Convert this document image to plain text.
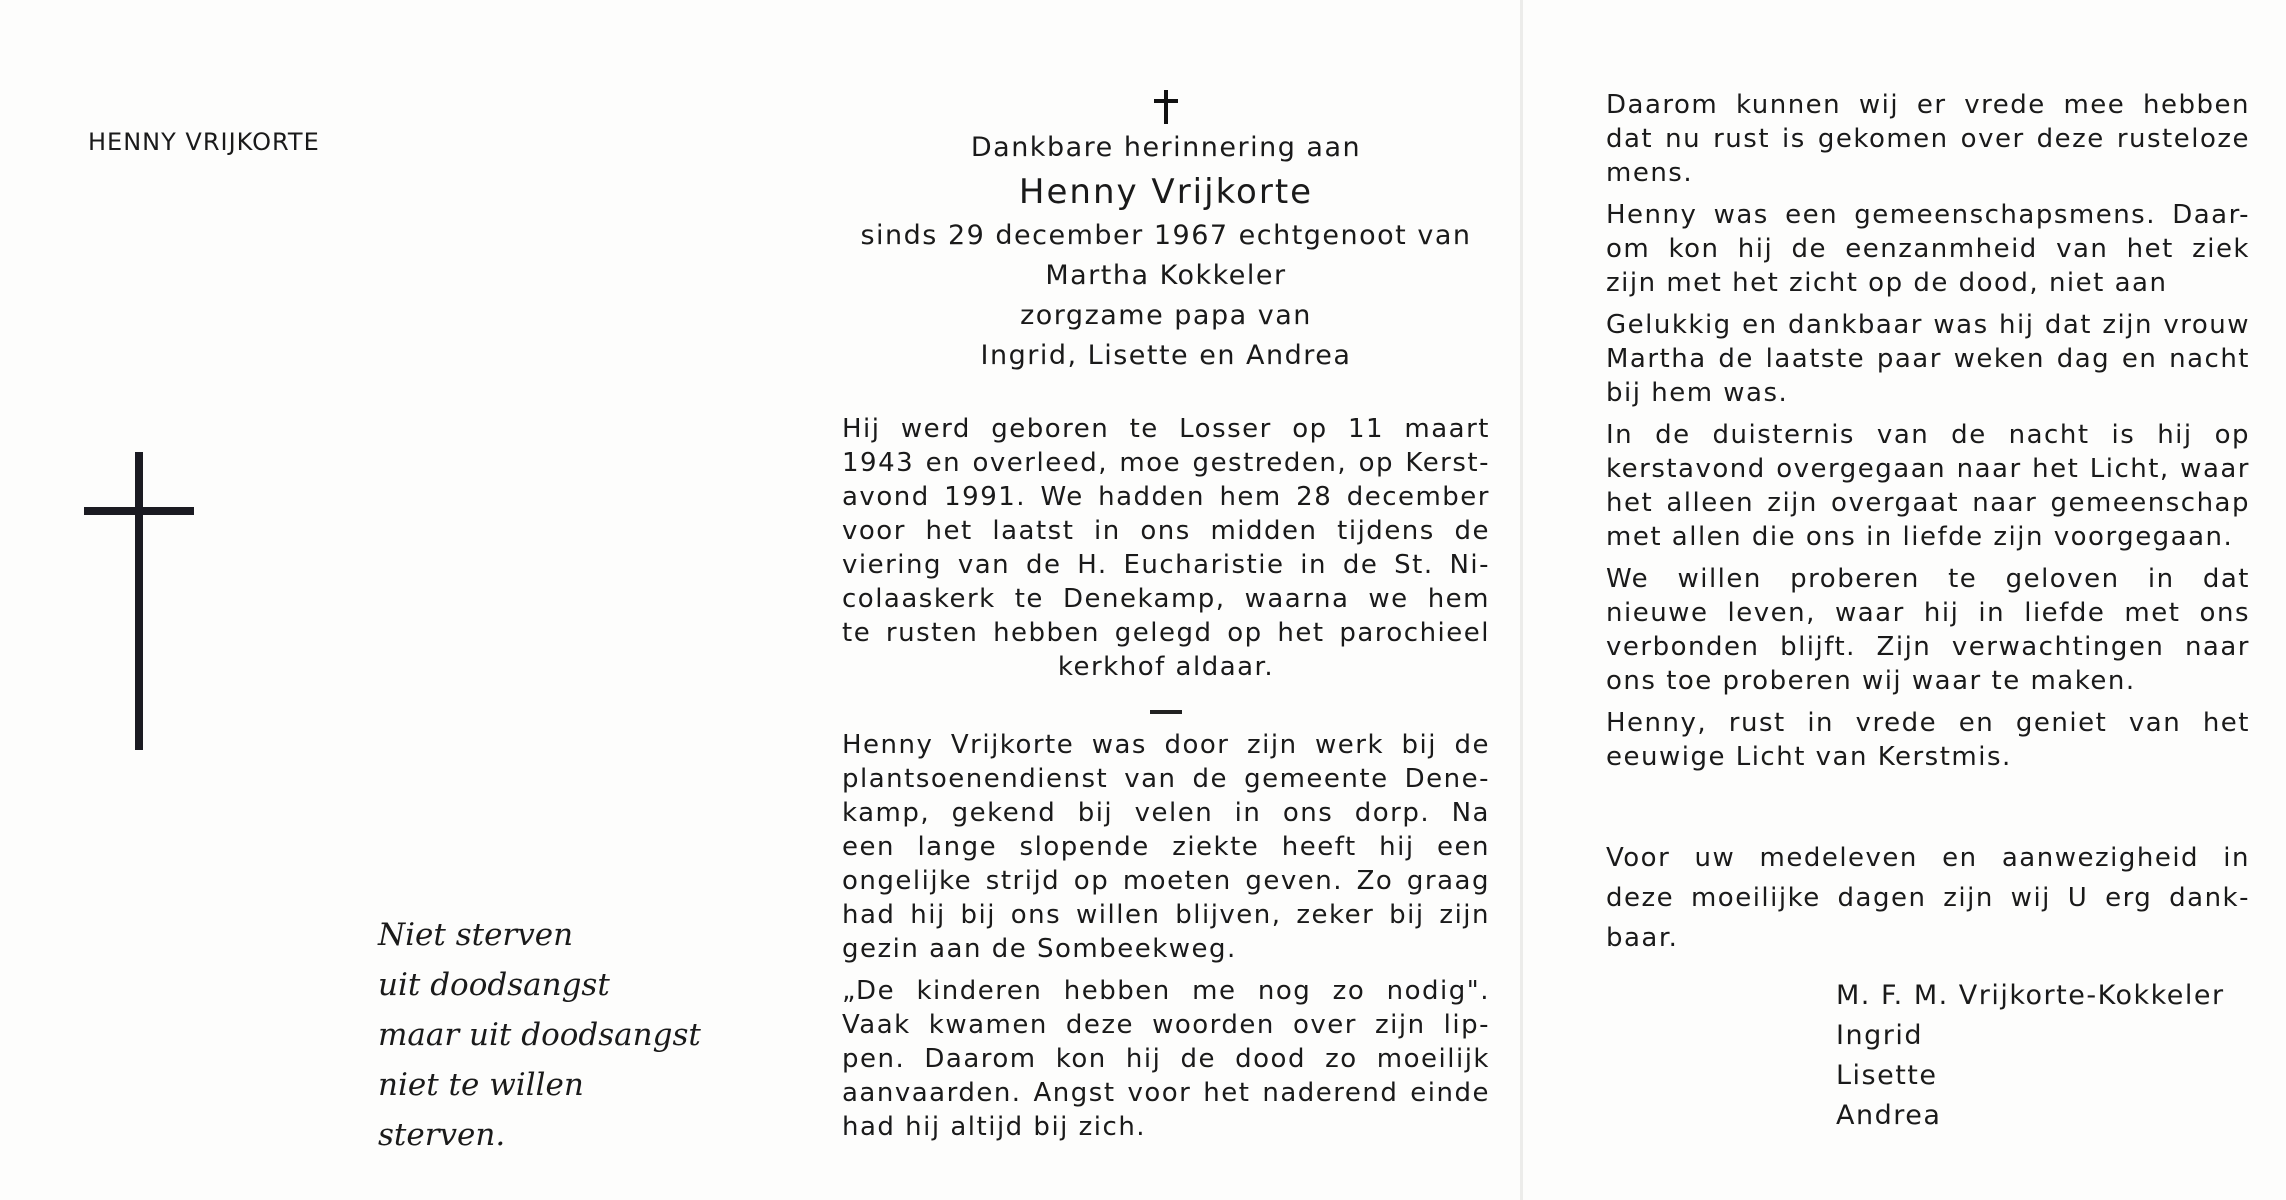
HENNY VRIJKORTE
Niet sterven
uit doodsangst
maar uit doodsangst
niet te willen
sterven.
Dankbare herinnering aan
Henny Vrijkorte
sinds 29 december 1967 echtgenoot van
Martha Kokkeler
zorgzame papa van
Ingrid, Lisette en Andrea
Hij werd geboren te Losser op 11 maart
1943 en overleed, moe gestreden, op Kerst-
avond 1991. We hadden hem 28 december
voor het laatst in ons midden tijdens de
viering van de H. Eucharistie in de St. Ni-
colaaskerk te Denekamp, waarna we hem
te rusten hebben gelegd op het parochieel
kerkhof aldaar.

Henny Vrijkorte was door zijn werk bij de
plantsoenendienst van de gemeente Dene-
kamp, gekend bij velen in ons dorp. Na
een lange slopende ziekte heeft hij een
ongelijke strijd op moeten geven. Zo graag
had hij bij ons willen blijven, zeker bij zijn
gezin aan de Sombeekweg.

„De kinderen hebben me nog zo nodig".
Vaak kwamen deze woorden over zijn lip-
pen. Daarom kon hij de dood zo moeilijk
aanvaarden. Angst voor het naderend einde
had hij altijd bij zich.

Daarom kunnen wij er vrede mee hebben
dat nu rust is gekomen over deze rusteloze
mens.

Henny was een gemeenschapsmens. Daar-
om kon hij de eenzanmheid van het ziek
zijn met het zicht op de dood, niet aan

Gelukkig en dankbaar was hij dat zijn vrouw
Martha de laatste paar weken dag en nacht
bij hem was.

In de duisternis van de nacht is hij op
kerstavond overgegaan naar het Licht, waar
het alleen zijn overgaat naar gemeenschap
met allen die ons in liefde zijn voorgegaan.

We willen proberen te geloven in dat
nieuwe leven, waar hij in liefde met ons
verbonden blijft. Zijn verwachtingen naar
ons toe proberen wij waar te maken.

Henny, rust in vrede en geniet van het
eeuwige Licht van Kerstmis.

Voor uw medeleven en aanwezigheid in
deze moeilijke dagen zijn wij U erg dank-
baar.
M. F. M. Vrijkorte-Kokkeler
Ingrid
Lisette
Andrea
